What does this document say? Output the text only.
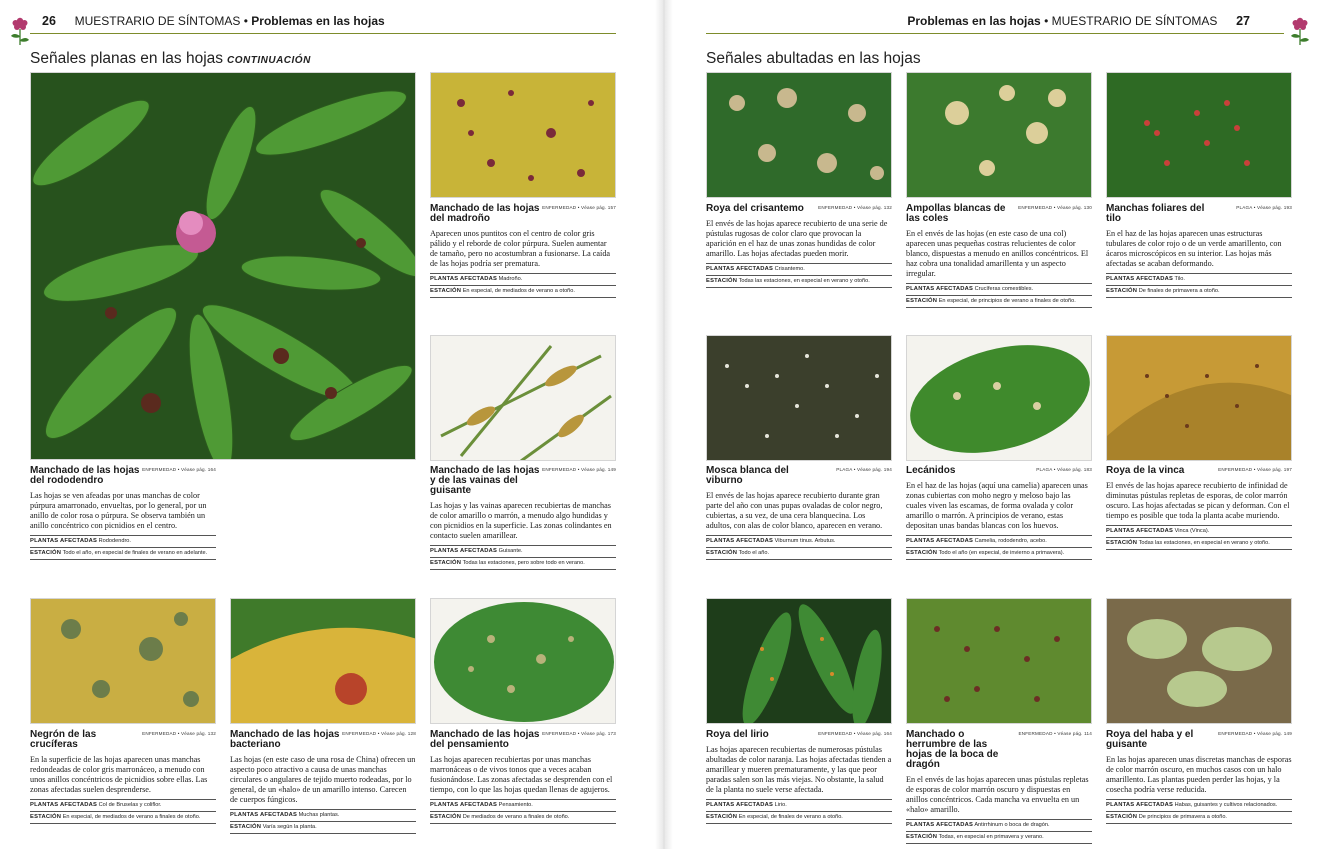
26 MUESTRARIO DE SÍNTOMAS • Problemas en las hojas
Señales planas en las hojas CONTINUACIÓN
Manchado de las hojas del rododendro
ENFERMEDAD • Véase pág. 164
Las hojas se ven afeadas por unas manchas de color púrpura amarronado, envueltas, por lo general, por un anillo de color rosa o púrpura. Se observa también un anillo concéntrico con picnidios en el centro.
PLANTAS AFECTADAS Rododendro.
ESTACIÓN Todo el año, en especial de finales de verano en adelante.
Manchado de las hojas del madroño
ENFERMEDAD • Véase pág. 157
Aparecen unos puntitos con el centro de color gris pálido y el reborde de color púrpura. Suelen aumentar de tamaño, pero no acostumbran a fusionarse. La caída de las hojas podría ser prematura.
PLANTAS AFECTADAS Madroño.
ESTACIÓN En especial, de mediados de verano a otoño.
Manchado de las hojas y de las vainas del guisante
ENFERMEDAD • Véase pág. 149
Las hojas y las vainas aparecen recubiertas de manchas de color amarillo o marrón, a menudo algo hundidas y con picnidios en la superficie. Las zonas colindantes en contacto suelen amarillear.
PLANTAS AFECTADAS Guisante.
ESTACIÓN Todas las estaciones, pero sobre todo en verano.
Negrón de las crucíferas
ENFERMEDAD • Véase pág. 132
En la superficie de las hojas aparecen unas manchas redondeadas de color gris marronáceo, a menudo con unos anillos concéntricos de picnidios sobre ellas. Las zonas afectadas suelen desprenderse.
PLANTAS AFECTADAS Col de Bruselas y coliflor.
ESTACIÓN En especial, de mediados de verano a finales de otoño.
Manchado de las hojas bacteriano
ENFERMEDAD • Véase pág. 128
Las hojas (en este caso de una rosa de China) ofrecen un aspecto poco atractivo a causa de unas manchas circulares o angulares de tejido muerto rodeadas, por lo general, de un «halo» de un amarillo intenso. Carecen de cuerpos fúngicos.
PLANTAS AFECTADAS Muchas plantas.
ESTACIÓN Varía según la planta.
Manchado de las hojas del pensamiento
ENFERMEDAD • Véase pág. 173
Las hojas aparecen recubiertas por unas manchas marronáceas o de vivos tonos que a veces acaban fusionándose. Las zonas afectadas se desprenden con el tiempo, con lo que las hojas quedan llenas de agujeros.
PLANTAS AFECTADAS Pensamiento.
ESTACIÓN De mediados de verano a finales de otoño.
Problemas en las hojas • MUESTRARIO DE SÍNTOMAS 27
Señales abultadas en las hojas
Roya del crisantemo	ENFERMEDAD • Véase pág. 132
El envés de las hojas aparece recubierto de una serie de pústulas rugosas de color claro que provocan la aparición en el haz de unas zonas hundidas de color amarillo. Las hojas afectadas pueden morir.
PLANTAS AFECTADAS Crisantemo.
ESTACIÓN Todas las estaciones, en especial en verano y otoño.
Ampollas blancas de las coles
ENFERMEDAD • Véase pág. 130
En el envés de las hojas (en este caso de una col) aparecen unas pequeñas costras relucientes de color blanco, dispuestas a menudo en anillos concéntricos. El haz cobra una tonalidad amarillenta y un aspecto irregular.
PLANTAS AFECTADAS Crucíferas comestibles.
ESTACIÓN En especial, de principios de verano a finales de otoño.
Manchas foliares del tilo
PLAGA • Véase pág. 193
En el haz de las hojas aparecen unas estructuras tubulares de color rojo o de un verde amarillento, con ácaros microscópicos en su interior. Las hojas más afectadas se acaban deformando.
PLANTAS AFECTADAS Tilo.
ESTACIÓN De finales de primavera a otoño.
Mosca blanca del viburno
PLAGA • Véase pág. 194
El envés de las hojas aparece recubierto durante gran parte del año con unas pupas ovaladas de color negro, cubiertas, a su vez, de una cera blanquecina. Los adultos, con alas de color blanco, aparecen en verano.
PLANTAS AFECTADAS Viburnum tinus. Arbutus.
ESTACIÓN Todo el año.
Lecánidos	PLAGA • Véase pág. 183
En el haz de las hojas (aquí una camelia) aparecen unas zonas cubiertas con moho negro y meloso bajo las cuales viven las escamas, de forma ovalada y color amarillo o marrón. A principios de verano, estas depositan unas bandas blancas con los huevos.
PLANTAS AFECTADAS Camelia, rododendro, acebo.
ESTACIÓN Todo el año (en especial, de invierno a primavera).
Roya de la vinca	ENFERMEDAD • Véase pág. 197
El envés de las hojas aparece recubierto de infinidad de diminutas pústulas repletas de esporas, de color marrón oscuro. Las hojas afectadas se pican y deforman. Con el tiempo es posible que toda la planta acabe muriendo.
PLANTAS AFECTADAS Vinca (Vinca).
ESTACIÓN Todas las estaciones, en especial en verano y otoño.
Roya del lirio	ENFERMEDAD • Véase pág. 164
Las hojas aparecen recubiertas de numerosas pústulas abultadas de color naranja. Las hojas afectadas tienden a amarillear y mueren prematuramente, y las que peor paradas salen son las más viejas. No obstante, la salud de la planta no suele verse afectada.
PLANTAS AFECTADAS Lirio.
ESTACIÓN En especial, de finales de verano a otoño.
Manchado o herrumbre de las hojas de la boca de dragón
ENFERMEDAD • Véase pág. 114
En el envés de las hojas aparecen unas pústulas repletas de esporas de color marrón oscuro y dispuestas en anillos concéntricos. Cada mancha va envuelta en un «halo» amarillo.
PLANTAS AFECTADAS Antirrhinum o boca de dragón.
ESTACIÓN Todas, en especial en primavera y verano.
Roya del haba y el guisante
ENFERMEDAD • Véase pág. 149
En las hojas aparecen unas discretas manchas de esporas de color marrón oscuro, en muchos casos con un halo amarillento. Las plantas pueden perder las hojas, y la cosecha podría verse reducida.
PLANTAS AFECTADAS Habas, guisantes y cultivos relacionados.
ESTACIÓN De principios de primavera a otoño.
